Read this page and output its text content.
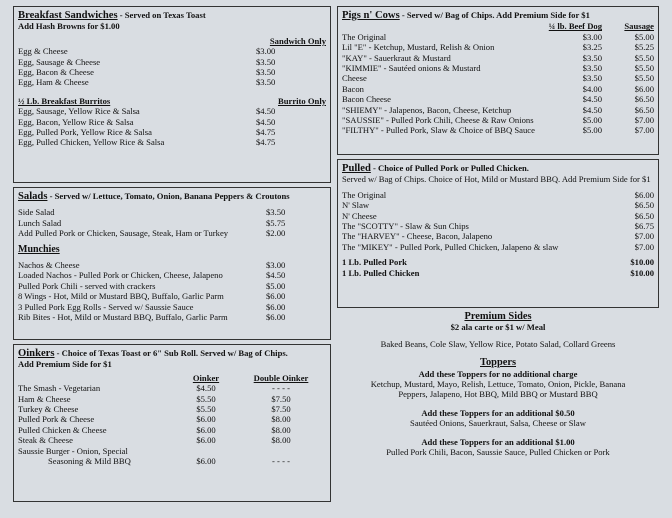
Breakfast Sandwiches - Served on Texas Toast
Add Hash Browns for $1.00
Sandwich Only
Egg & Cheese	$3.00
Egg, Sausage & Cheese	$3.50
Egg, Bacon & Cheese	$3.50
Egg, Ham & Cheese	$3.50
½ Lb. Breakfast Burritos	Burrito Only
Egg, Sausage, Yellow Rice & Salsa	$4.50
Egg, Bacon, Yellow Rice & Salsa	$4.50
Egg, Pulled Pork, Yellow Rice & Salsa	$4.75
Egg, Pulled Chicken, Yellow Rice & Salsa	$4.75
Salads - Served w/ Lettuce, Tomato, Onion, Banana Peppers & Croutons
Side Salad	$3.50
Lunch Salad	$5.75
Add Pulled Pork or Chicken, Sausage, Steak, Ham or Turkey	$2.00
Munchies
Nachos & Cheese	$3.00
Loaded Nachos - Pulled Pork or Chicken, Cheese, Jalapeno	$4.50
Pulled Pork Chili - served with crackers	$5.00
8 Wings - Hot, Mild or Mustard BBQ, Buffalo, Garlic Parm	$6.00
3 Pulled Pork Egg Rolls - Served w/ Saussie Sauce	$6.00
Rib Bites - Hot, Mild or Mustard BBQ, Buffalo, Garlic Parm	$6.00
Oinkers - Choice of Texas Toast or 6" Sub Roll. Served w/ Bag of Chips.
Add Premium Side for $1
Oinker	Double Oinker
The Smash - Vegetarian	$4.50	- - - -
Ham & Cheese	$5.50	$7.50
Turkey & Cheese	$5.50	$7.50
Pulled Pork & Cheese	$6.00	$8.00
Pulled Chicken & Cheese	$6.00	$8.00
Steak & Cheese	$6.00	$8.00
Saussie Burger - Onion, Special
Seasoning & Mild BBQ	$6.00	- - - -
Pigs n' Cows - Served w/ Bag of Chips. Add Premium Side for $1
¼ lb. Beef Dog	Sausage
The Original	$3.00	$5.00
Lil "E" - Ketchup, Mustard, Relish & Onion	$3.25	$5.25
"KAY" - Sauerkraut & Mustard	$3.50	$5.50
"KIMMIE" - Sautéed onions & Mustard	$3.50	$5.50
Cheese	$3.50	$5.50
Bacon	$4.00	$6.00
Bacon Cheese	$4.50	$6.50
"SHIEMY" - Jalapenos, Bacon, Cheese, Ketchup	$4.50	$6.50
"SAUSSIE" - Pulled Pork Chili, Cheese & Raw Onions	$5.00	$7.00
"FILTHY" - Pulled Pork, Slaw & Choice of BBQ Sauce	$5.00	$7.00
Pulled - Choice of Pulled Pork or Pulled Chicken.
Served w/ Bag of Chips. Choice of Hot, Mild or Mustard BBQ. Add Premium Side for $1
The Original	$6.00
N' Slaw	$6.50
N' Cheese	$6.50
The "SCOTTY" - Slaw & Sun Chips	$6.75
The "HARVEY" - Cheese, Bacon, Jalapeno	$7.00
The "MIKEY" - Pulled Pork, Pulled Chicken, Jalapeno & slaw	$7.00
1 Lb. Pulled Pork	$10.00
1 Lb. Pulled Chicken	$10.00
Premium Sides
$2 ala carte or $1 w/ Meal
Baked Beans, Cole Slaw, Yellow Rice, Potato Salad, Collard Greens
Toppers
Add these Toppers for no additional charge
Ketchup, Mustard, Mayo, Relish, Lettuce, Tomato, Onion, Pickle, Banana
Peppers, Jalapeno, Hot BBQ, Mild BBQ or Mustard BBQ
Add these Toppers for an additional $0.50
Sautéed Onions, Sauerkraut, Salsa, Cheese or Slaw
Add these Toppers for an additional $1.00
Pulled Pork Chili, Bacon, Saussie Sauce, Pulled Chicken or Pork
